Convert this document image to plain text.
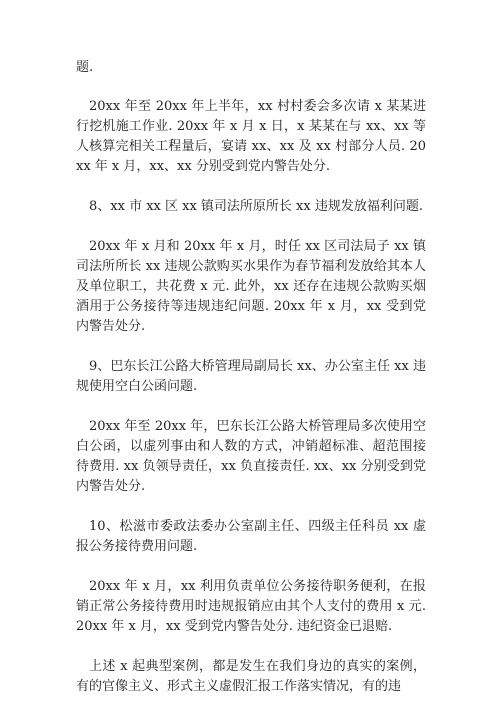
题.

20xx 年至 20xx 年上半年，xx 村村委会多次请 x 某某进行挖机施工作业. 20xx 年 x 月 x 日，x 某某在与 xx、xx 等人核算完相关工程量后，宴请 xx、xx 及 xx 村部分人员. 20xx 年 x 月，xx、xx 分别受到党内警告处分.

8、xx 市 xx 区 xx 镇司法所原所长 xx 违规发放福利问题.

20xx 年 x 月和 20xx 年 x 月，时任 xx 区司法局子 xx 镇司法所所长 xx 违规公款购买水果作为春节福利发放给其本人及单位职工，共花费 x 元. 此外，xx 还存在违规公款购买烟酒用于公务接待等违规违纪问题. 20xx 年 x 月，xx 受到党内警告处分.

9、巴东长江公路大桥管理局副局长 xx、办公室主任 xx 违规使用空白公函问题.

20xx 年至 20xx 年，巴东长江公路大桥管理局多次使用空白公函，以虚列事由和人数的方式，冲销超标准、超范围接待费用. xx 负领导责任，xx 负直接责任. xx、xx 分别受到党内警告处分.

10、松滋市委政法委办公室副主任、四级主任科员 xx 虚报公务接待费用问题.

20xx 年 x 月，xx 利用负责单位公务接待职务便利，在报销正常公务接待费用时违规报销应由其个人支付的费用 x 元. 20xx 年 x 月，xx 受到党内警告处分. 违纪资金已退赔.

上述 x 起典型案例，都是发生在我们身边的真实的案例，有的官像主义、形式主义虚假汇报工作落实情况，有的违
